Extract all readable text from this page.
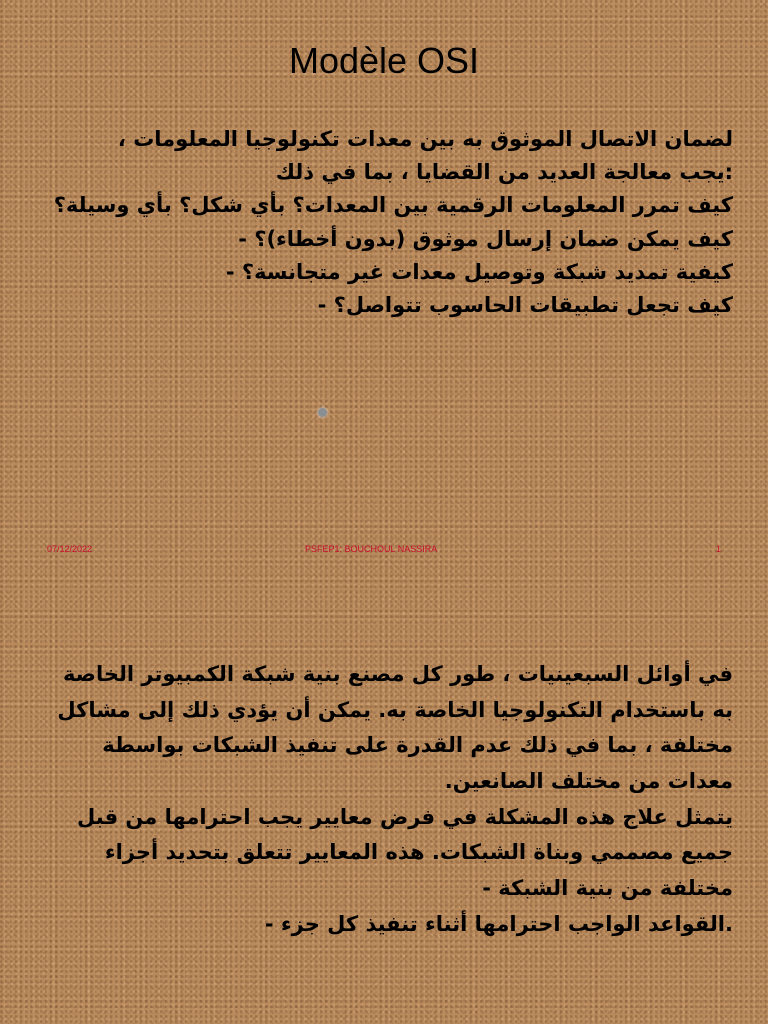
Modèle OSI

لضمان الاتصال الموثوق به بين معدات تكنولوجيا المعلومات ،

:يجب معالجة العديد من القضايا ، بما في ذلك

كيف تمرر المعلومات الرقمية بين المعدات؟ بأي شكل؟ بأي وسيلة؟

كيف يمكن ضمان إرسال موثوق (بدون أخطاء)؟ -

كيفية تمديد شبكة وتوصيل معدات غير متجانسة؟ -

كيف تجعل تطبيقات الحاسوب تتواصل؟ -

07/12/2022	PSFEP1: BOUCHOUL NASSIRA	1

في أوائل السبعينيات ، طور كل مصنع بنية شبكة الكمبيوتر الخاصة به باستخدام التكنولوجيا الخاصة به. يمكن أن يؤدي ذلك إلى مشاكل مختلفة ، بما في ذلك عدم القدرة على تنفيذ الشبكات بواسطة معدات من مختلف الصانعين.

يتمثل علاج هذه المشكلة في فرض معايير يجب احترامها من قبل جميع مصممي وبناة الشبكات. هذه المعايير تتعلق بتحديد أجزاء مختلفة من بنية الشبكة -

.القواعد الواجب احترامها أثناء تنفيذ كل جزء -
